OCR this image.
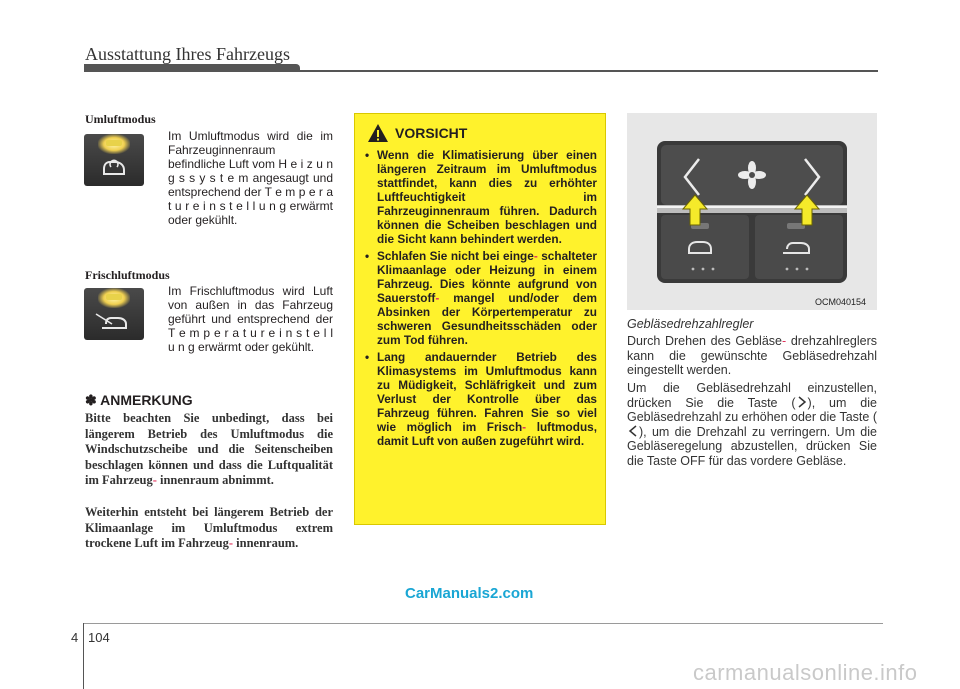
Ausstattung Ihres Fahrzeugs
Umluftmodus
Im Umluftmodus wird die im Fahrzeuginnenraum befindliche Luft vom H e i z u n g s s y s t e m angesaugt und entsprechend der T e m p e r a t u r e i n s t e l l u n g erwärmt oder gekühlt.
Frischluftmodus
Im Frischluftmodus wird Luft von außen in das Fahrzeug geführt und entsprechend der T e m p e r a t u r e i n s t e l l u n g erwärmt oder gekühlt.
✽ ANMERKUNG
Bitte beachten Sie unbedingt, dass bei längerem Betrieb des Umluftmodus die Windschutzscheibe und die Seitenscheiben beschlagen können und dass die Luftqualität im Fahrzeug- innenraum abnimmt.
Weiterhin entsteht bei längerem Betrieb der Klimaanlage im Umluftmodus extrem trockene Luft im Fahrzeug- innenraum.
VORSICHT
• Wenn die Klimatisierung über einen längeren Zeitraum im Umluftmodus stattfindet, kann dies zu erhöhter Luftfeuchtigkeit im Fahrzeuginnenraum führen. Dadurch können die Scheiben beschlagen und die Sicht kann behindert werden.
• Schlafen Sie nicht bei einge- schalteter Klimaanlage oder Heizung in einem Fahrzeug. Dies könnte aufgrund von Sauerstoff- mangel und/oder dem Absinken der Körpertemperatur zu schweren Gesundheitsschäden oder zum Tod führen.
• Lang andauernder Betrieb des Klimasystems im Umluftmodus kann zu Müdigkeit, Schläfrigkeit und zum Verlust der Kontrolle über das Fahrzeug führen. Fahren Sie so viel wie möglich im Frisch- luftmodus, damit Luft von außen zugeführt wird.
OCM040154
Gebläsedrehzahlregler
Durch Drehen des Gebläse- drehzahlreglers kann die gewünschte Gebläsedrehzahl eingestellt werden.
Um die Gebläsedrehzahl einzustellen, drücken Sie die Taste ( ), um die Gebläsedrehzahl zu erhöhen oder die Taste (), um die Drehzahl zu verringern. Um die Gebläseregelung abzustellen, drücken Sie die Taste OFF für das vordere Gebläse.
CarManuals2.com
4 104
carmanualsonline.info
